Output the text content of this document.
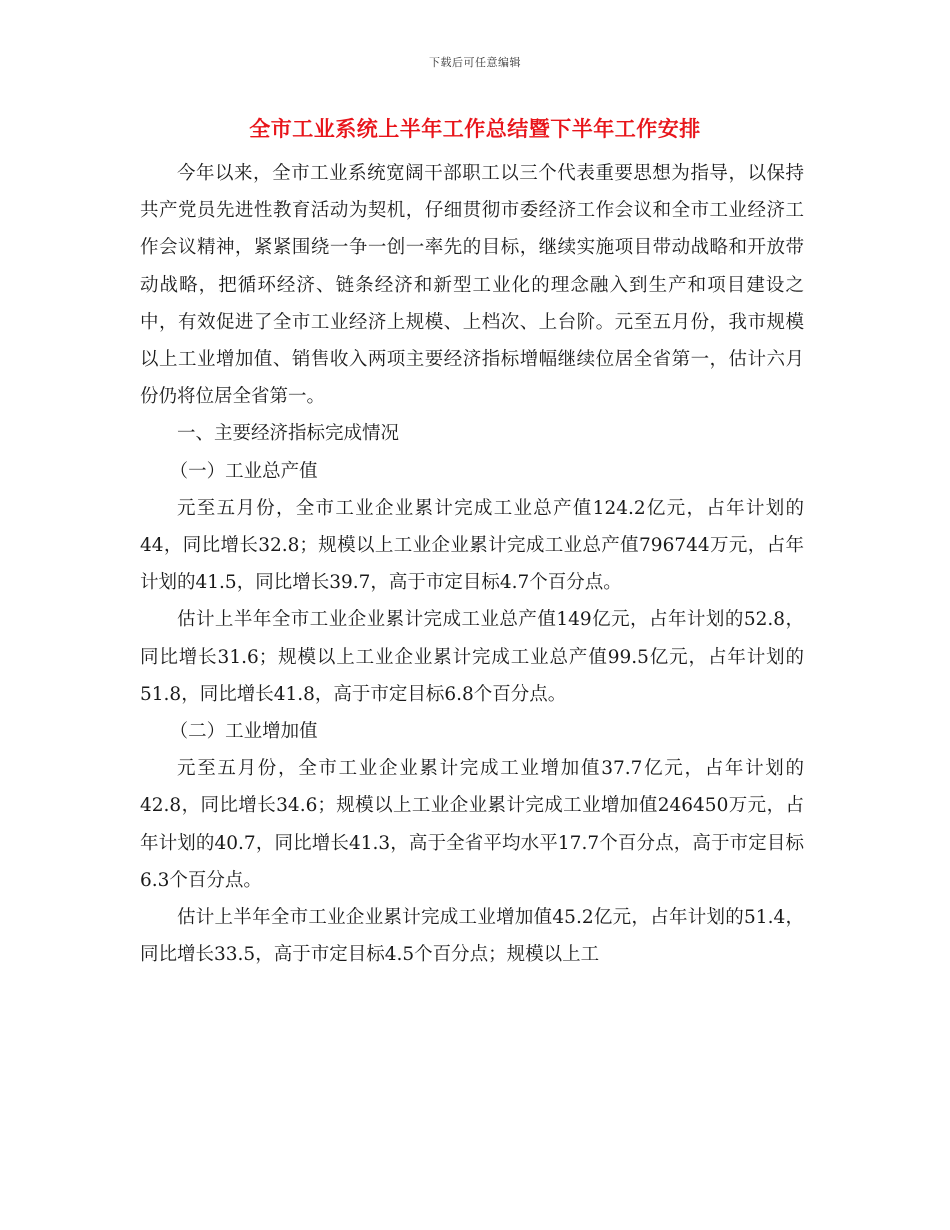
下载后可任意编辑
全市工业系统上半年工作总结暨下半年工作安排

今年以来，全市工业系统宽阔干部职工以三个代表重要思想为指导，以保持共产党员先进性教育活动为契机，仔细贯彻市委经济工作会议和全市工业经济工作会议精神，紧紧围绕一争一创一率先的目标，继续实施项目带动战略和开放带动战略，把循环经济、链条经济和新型工业化的理念融入到生产和项目建设之中，有效促进了全市工业经济上规模、上档次、上台阶。元至五月份，我市规模以上工业增加值、销售收入两项主要经济指标增幅继续位居全省第一，估计六月份仍将位居全省第一。

一、主要经济指标完成情况

（一）工业总产值

元至五月份，全市工业企业累计完成工业总产值124.2亿元，占年计划的44，同比增长32.8；规模以上工业企业累计完成工业总产值796744万元，占年计划的41.5，同比增长39.7，高于市定目标4.7个百分点。

估计上半年全市工业企业累计完成工业总产值149亿元，占年计划的52.8，同比增长31.6；规模以上工业企业累计完成工业总产值99.5亿元，占年计划的51.8，同比增长41.8，高于市定目标6.8个百分点。

（二）工业增加值

元至五月份，全市工业企业累计完成工业增加值37.7亿元，占年计划的42.8，同比增长34.6；规模以上工业企业累计完成工业增加值246450万元，占年计划的40.7，同比增长41.3，高于全省平均水平17.7个百分点，高于市定目标6.3个百分点。

估计上半年全市工业企业累计完成工业增加值45.2亿元，占年计划的51.4，同比增长33.5，高于市定目标4.5个百分点；规模以上工
